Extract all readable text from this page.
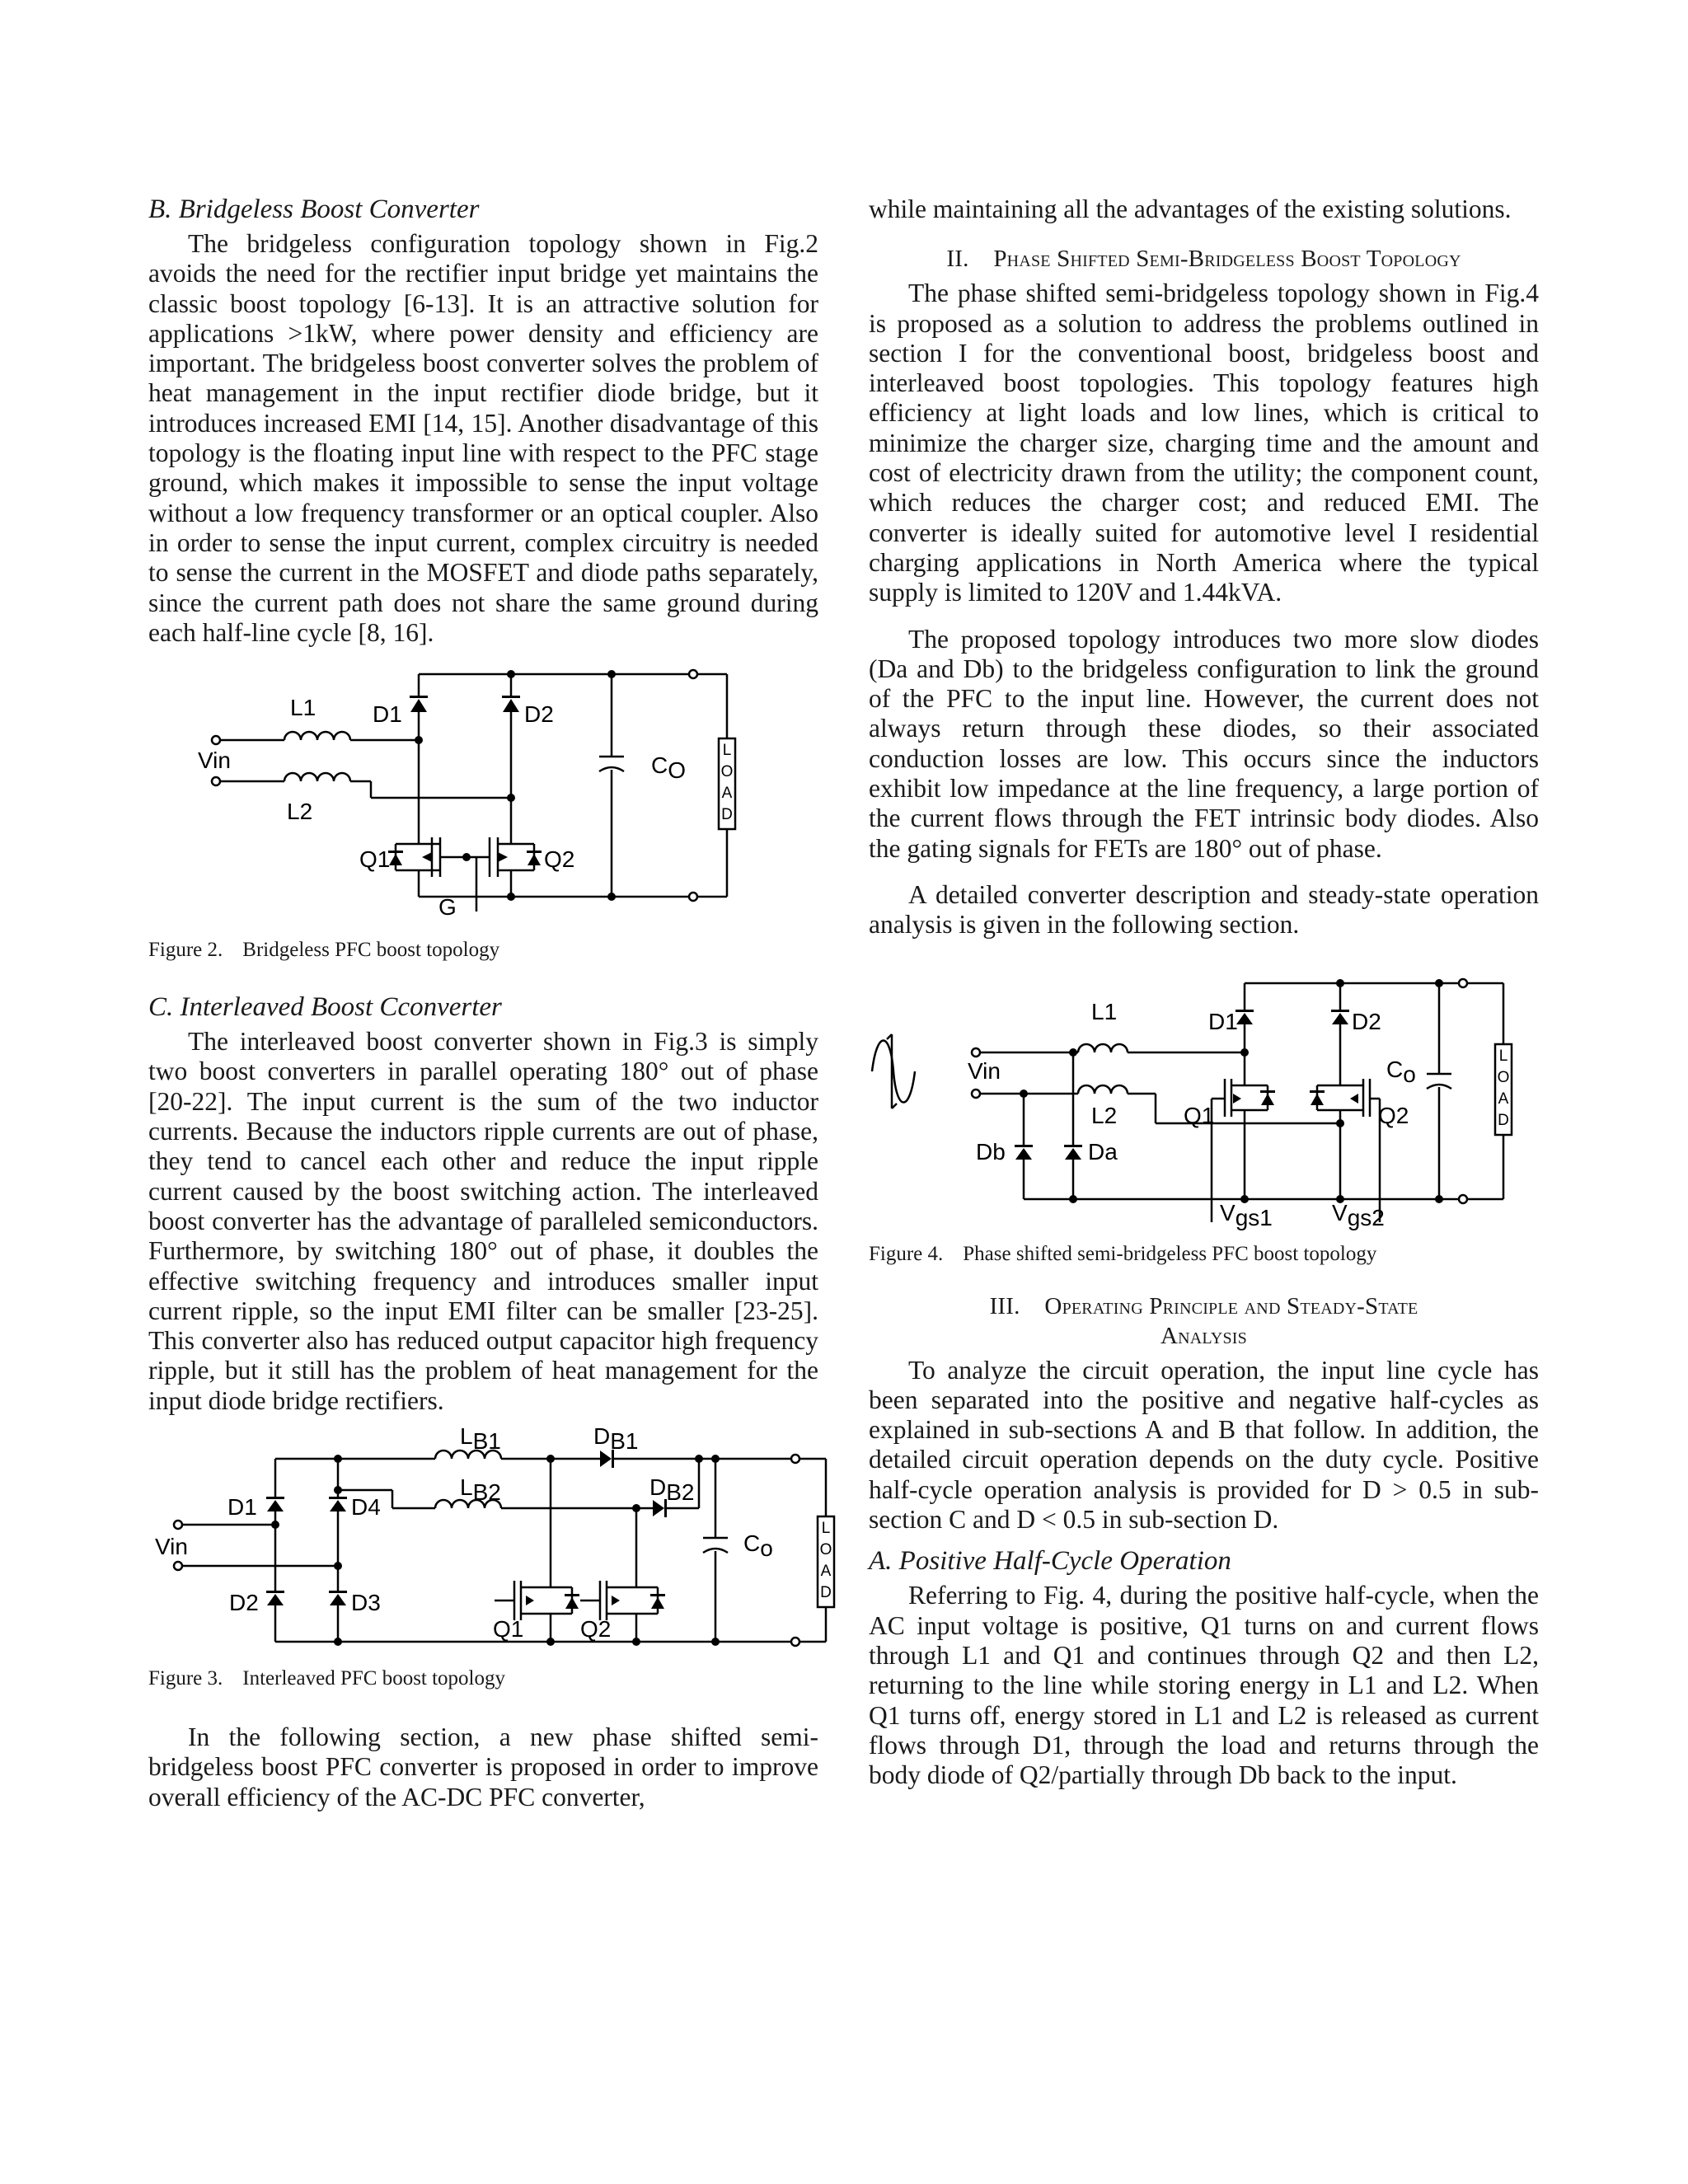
B. Bridgeless Boost Converter

The bridgeless configuration topology shown in Fig.2 avoids the need for the rectifier input bridge yet maintains the classic boost topology [6-13]. It is an attractive solution for applications >1kW, where power density and efficiency are important. The bridgeless boost converter solves the problem of heat management in the input rectifier diode bridge, but it introduces increased EMI [14, 15]. Another disadvantage of this topology is the floating input line with respect to the PFC stage ground, which makes it impossible to sense the input voltage without a low frequency transformer or an optical coupler. Also in order to sense the input current, complex circuitry is needed to sense the current in the MOSFET and diode paths separately, since the current path does not share the same ground during each half-line cycle [8, 16].

L1
L2
D1	D2
Vin	CO
Q1	Q2
G
L
O
A
D

Figure 2. Bridgeless PFC boost topology

C. Interleaved Boost Cconverter

The interleaved boost converter shown in Fig.3 is simply two boost converters in parallel operating 180° out of phase [20-22]. The input current is the sum of the two inductor currents. Because the inductors ripple currents are out of phase, they tend to cancel each other and reduce the input ripple current caused by the boost switching action. The interleaved boost converter has the advantage of paralleled semiconductors. Furthermore, by switching 180° out of phase, it doubles the effective switching frequency and introduces smaller input current ripple, so the input EMI filter can be smaller [23-25]. This converter also has reduced output capacitor high frequency ripple, but it still has the problem of heat management for the input diode bridge rectifiers.

LB1	DB1
LB2	DB2
D1	D4
D2	D3
Vin	Co
Q1 Q2
L
O
A
D

Figure 3. Interleaved PFC boost topology

In the following section, a new phase shifted semi-bridgeless boost PFC converter is proposed in order to improve overall efficiency of the AC-DC PFC converter,

while maintaining all the advantages of the existing solutions.

II. Phase Shifted Semi-Bridgeless Boost Topology

The phase shifted semi-bridgeless topology shown in Fig.4 is proposed as a solution to address the problems outlined in section I for the conventional boost, bridgeless boost and interleaved boost topologies. This topology features high efficiency at light loads and low lines, which is critical to minimize the charger size, charging time and the amount and cost of electricity drawn from the utility; the component count, which reduces the charger cost; and reduced EMI. The converter is ideally suited for automotive level I residential charging applications in North America where the typical supply is limited to 120V and 1.44kVA.

The proposed topology introduces two more slow diodes (Da and Db) to the bridgeless configuration to link the ground of the PFC to the input line. However, the current does not always return through these diodes, so their associated conduction losses are low. This occurs since the inductors exhibit low impedance at the line frequency, a large portion of the current flows through the FET intrinsic body diodes. Also the gating signals for FETs are 180° out of phase.

A detailed converter description and steady-state operation analysis is given in the following section.

L1
L2
D1	D2
Vin	Co
Q1	Q2
Db	Da
Vgs1	Vgs2
L
O
A
D

Figure 4. Phase shifted semi-bridgeless PFC boost topology

III. Operating Principle and Steady-State
Analysis

To analyze the circuit operation, the input line cycle has been separated into the positive and negative half-cycles as explained in sub-sections A and B that follow. In addition, the detailed circuit operation depends on the duty cycle. Positive half-cycle operation analysis is provided for D > 0.5 in sub-section C and D < 0.5 in sub-section D.

A. Positive Half-Cycle Operation

Referring to Fig. 4, during the positive half-cycle, when the AC input voltage is positive, Q1 turns on and current flows through L1 and Q1 and continues through Q2 and then L2, returning to the line while storing energy in L1 and L2. When Q1 turns off, energy stored in L1 and L2 is released as current flows through D1, through the load and returns through the body diode of Q2/partially through Db back to the input.
